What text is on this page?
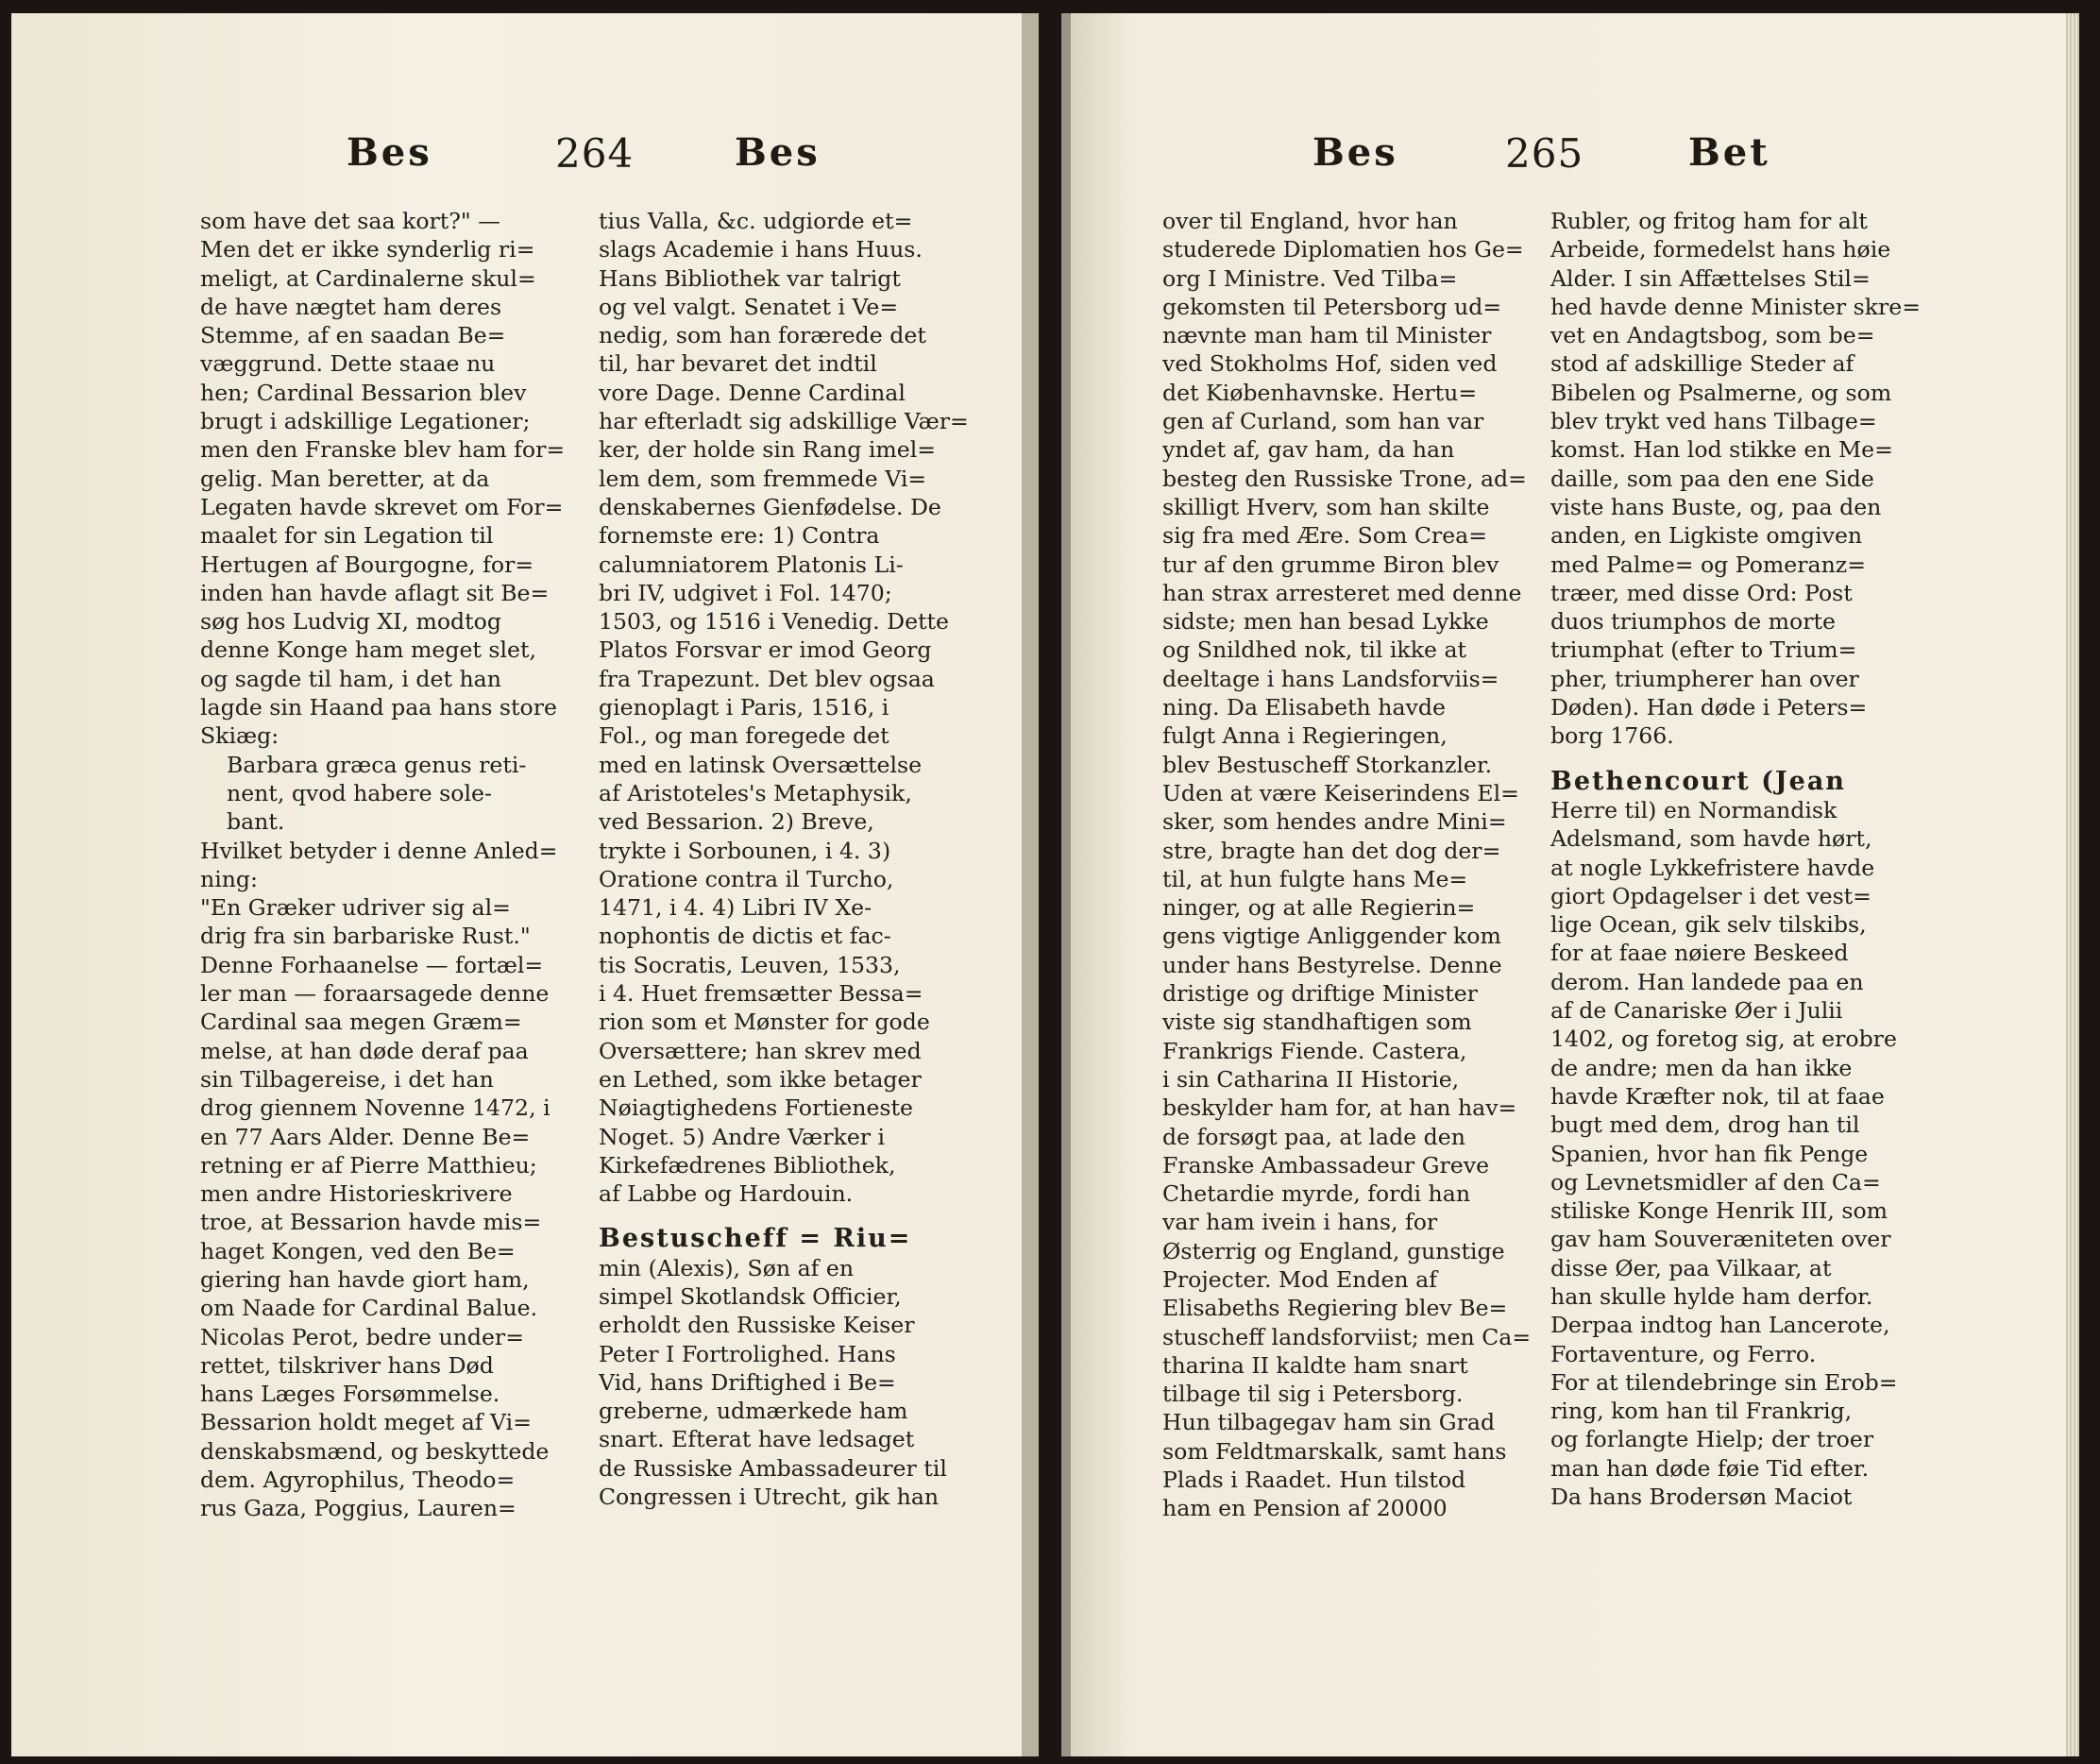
Bes	264	Bes
som have det saa kort?" —
Men det er ikke synderlig ri=
meligt, at Cardinalerne skul=
de have nægtet ham deres
Stemme, af en saadan Be=
væggrund. Dette staae nu
hen; Cardinal Bessarion blev
brugt i adskillige Legationer;
men den Franske blev ham for=
gelig. Man beretter, at da
Legaten havde skrevet om For=
maalet for sin Legation til
Hertugen af Bourgogne, for=
inden han havde aflagt sit Be=
søg hos Ludvig XI, modtog
denne Konge ham meget slet,
og sagde til ham, i det han
lagde sin Haand paa hans store
Skiæg:
Barbara græca genus reti-
nent, qvod habere sole-
bant.
Hvilket betyder i denne Anled=
ning:
"En Græker udriver sig al=
drig fra sin barbariske Rust."
Denne Forhaanelse — fortæl=
ler man — foraarsagede denne
Cardinal saa megen Græm=
melse, at han døde deraf paa
sin Tilbagereise, i det han
drog giennem Novenne 1472, i
en 77 Aars Alder. Denne Be=
retning er af Pierre Matthieu;
men andre Historieskrivere
troe, at Bessarion havde mis=
haget Kongen, ved den Be=
giering han havde giort ham,
om Naade for Cardinal Balue.
Nicolas Perot, bedre under=
rettet, tilskriver hans Død
hans Læges Forsømmelse.
Bessarion holdt meget af Vi=
denskabsmænd, og beskyttede
dem. Agyrophilus, Theodo=
rus Gaza, Poggius, Lauren=
tius Valla, &c. udgiorde et=
slags Academie i hans Huus.
Hans Bibliothek var talrigt
og vel valgt. Senatet i Ve=
nedig, som han forærede det
til, har bevaret det indtil
vore Dage. Denne Cardinal
har efterladt sig adskillige Vær=
ker, der holde sin Rang imel=
lem dem, som fremmede Vi=
denskabernes Gienfødelse. De
fornemste ere: 1) Contra
calumniatorem Platonis Li-
bri IV, udgivet i Fol. 1470;
1503, og 1516 i Venedig. Dette
Platos Forsvar er imod Georg
fra Trapezunt. Det blev ogsaa
gienoplagt i Paris, 1516, i
Fol., og man foregede det
med en latinsk Oversættelse
af Aristoteles's Metaphysik,
ved Bessarion. 2) Breve,
trykte i Sorbounen, i 4. 3)
Oratione contra il Turcho,
1471, i 4. 4) Libri IV Xe-
nophontis de dictis et fac-
tis Socratis, Leuven, 1533,
i 4. Huet fremsætter Bessa=
rion som et Mønster for gode
Oversættere; han skrev med
en Lethed, som ikke betager
Nøiagtighedens Fortieneste
Noget. 5) Andre Værker i
Kirkefædrenes Bibliothek,
af Labbe og Hardouin.
Bestuscheff = Riu=
min (Alexis), Søn af en
simpel Skotlandsk Officier,
erholdt den Russiske Keiser
Peter I Fortrolighed. Hans
Vid, hans Driftighed i Be=
greberne, udmærkede ham
snart. Efterat have ledsaget
de Russiske Ambassadeurer til
Congressen i Utrecht, gik han
Bes	265	Bet
over til England, hvor han
studerede Diplomatien hos Ge=
org I Ministre. Ved Tilba=
gekomsten til Petersborg ud=
nævnte man ham til Minister
ved Stokholms Hof, siden ved
det Kiøbenhavnske. Hertu=
gen af Curland, som han var
yndet af, gav ham, da han
besteg den Russiske Trone, ad=
skilligt Hverv, som han skilte
sig fra med Ære. Som Crea=
tur af den grumme Biron blev
han strax arresteret med denne
sidste; men han besad Lykke
og Snildhed nok, til ikke at
deeltage i hans Landsforviis=
ning. Da Elisabeth havde
fulgt Anna i Regieringen,
blev Bestuscheff Storkanzler.
Uden at være Keiserindens El=
sker, som hendes andre Mini=
stre, bragte han det dog der=
til, at hun fulgte hans Me=
ninger, og at alle Regierin=
gens vigtige Anliggender kom
under hans Bestyrelse. Denne
dristige og driftige Minister
viste sig standhaftigen som
Frankrigs Fiende. Castera,
i sin Catharina II Historie,
beskylder ham for, at han hav=
de forsøgt paa, at lade den
Franske Ambassadeur Greve
Chetardie myrde, fordi han
var ham ivein i hans, for
Østerrig og England, gunstige
Projecter. Mod Enden af
Elisabeths Regiering blev Be=
stuscheff landsforviist; men Ca=
tharina II kaldte ham snart
tilbage til sig i Petersborg.
Hun tilbagegav ham sin Grad
som Feldtmarskalk, samt hans
Plads i Raadet. Hun tilstod
ham en Pension af 20000
Rubler, og fritog ham for alt
Arbeide, formedelst hans høie
Alder. I sin Affættelses Stil=
hed havde denne Minister skre=
vet en Andagtsbog, som be=
stod af adskillige Steder af
Bibelen og Psalmerne, og som
blev trykt ved hans Tilbage=
komst. Han lod stikke en Me=
daille, som paa den ene Side
viste hans Buste, og, paa den
anden, en Ligkiste omgiven
med Palme= og Pomeranz=
træer, med disse Ord: Post
duos triumphos de morte
triumphat (efter to Trium=
pher, triumpherer han over
Døden). Han døde i Peters=
borg 1766.
Bethencourt (Jean
Herre til) en Normandisk
Adelsmand, som havde hørt,
at nogle Lykkefristere havde
giort Opdagelser i det vest=
lige Ocean, gik selv tilskibs,
for at faae nøiere Beskeed
derom. Han landede paa en
af de Canariske Øer i Julii
1402, og foretog sig, at erobre
de andre; men da han ikke
havde Kræfter nok, til at faae
bugt med dem, drog han til
Spanien, hvor han fik Penge
og Levnetsmidler af den Ca=
stiliske Konge Henrik III, som
gav ham Souveræniteten over
disse Øer, paa Vilkaar, at
han skulle hylde ham derfor.
Derpaa indtog han Lancerote,
Fortaventure, og Ferro.
For at tilendebringe sin Erob=
ring, kom han til Frankrig,
og forlangte Hielp; der troer
man han døde føie Tid efter.
Da hans Brodersøn Maciot
